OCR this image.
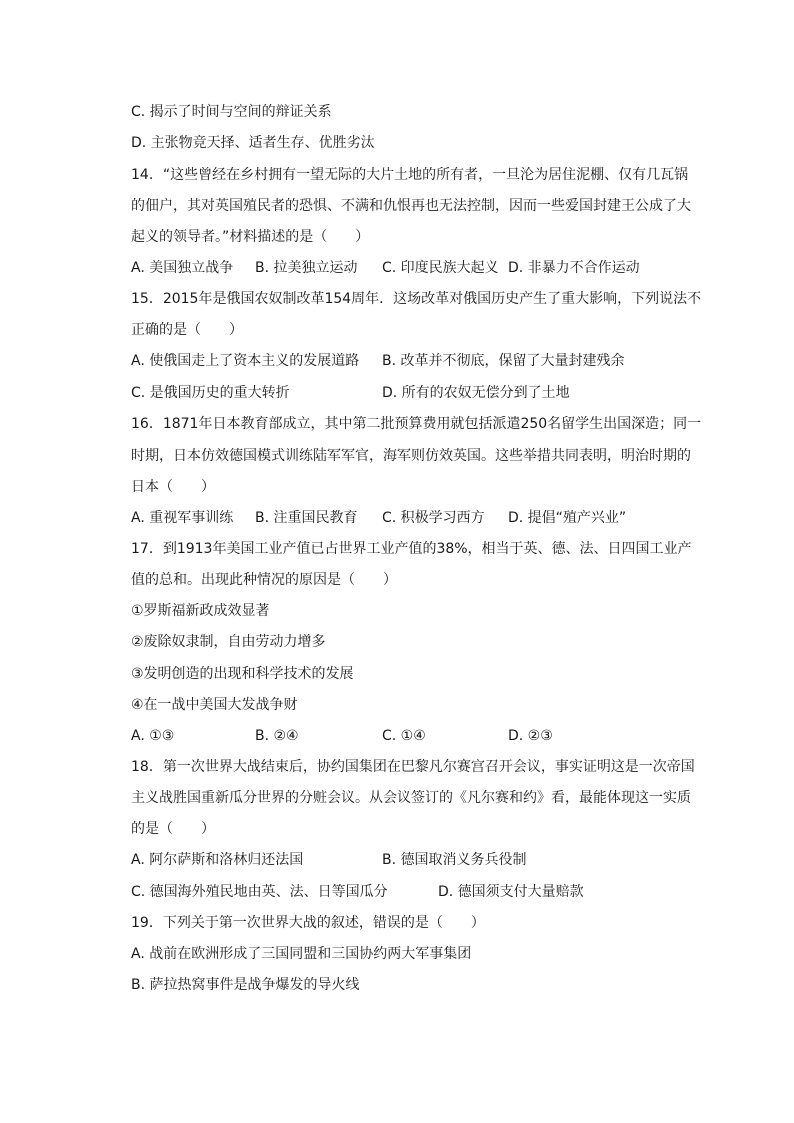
C. 揭示了时间与空间的辩证关系
D. 主张物竞天择、适者生存、优胜劣汰
14．“这些曾经在乡村拥有一望无际的大片土地的所有者，一旦沦为居住泥棚、仅有几瓦锅
的佃户，其对英国殖民者的恐惧、不满和仇恨再也无法控制，因而一些爱国封建王公成了大
起义的领导者。”材料描述的是（　　）
A. 美国独立战争 B. 拉美独立运动 C. 印度民族大起义 D. 非暴力不合作运动
15．2015年是俄国农奴制改革154周年．这场改革对俄国历史产生了重大影响，下列说法不
正确的是（　　）
A. 使俄国走上了资本主义的发展道路 B. 改革并不彻底，保留了大量封建残余
C. 是俄国历史的重大转折	D. 所有的农奴无偿分到了土地
16．1871年日本教育部成立，其中第二批预算费用就包括派遣250名留学生出国深造；同一
时期，日本仿效德国模式训练陆军军官，海军则仿效英国。这些举措共同表明，明治时期的
日本（　　）
A. 重视军事训练 B. 注重国民教育 C. 积极学习西方 D. 提倡“殖产兴业”
17．到1913年美国工业产值已占世界工业产值的38%，相当于英、德、法、日四国工业产
值的总和。出现此种情况的原因是（　　）
①罗斯福新政成效显著
②废除奴隶制，自由劳动力增多
③发明创造的出现和科学技术的发展
④在一战中美国大发战争财
A. ①③	B. ②④	C. ①④	D. ②③
18．第一次世界大战结束后，协约国集团在巴黎凡尔赛宫召开会议，事实证明这是一次帝国
主义战胜国重新瓜分世界的分赃会议。从会议签订的《凡尔赛和约》看，最能体现这一实质
的是（　　）
A. 阿尔萨斯和洛林归还法国	B. 德国取消义务兵役制
C. 德国海外殖民地由英、法、日等国瓜分	D. 德国须支付大量赔款
19．下列关于第一次世界大战的叙述，错误的是（　　）
A. 战前在欧洲形成了三国同盟和三国协约两大军事集团
B. 萨拉热窝事件是战争爆发的导火线
